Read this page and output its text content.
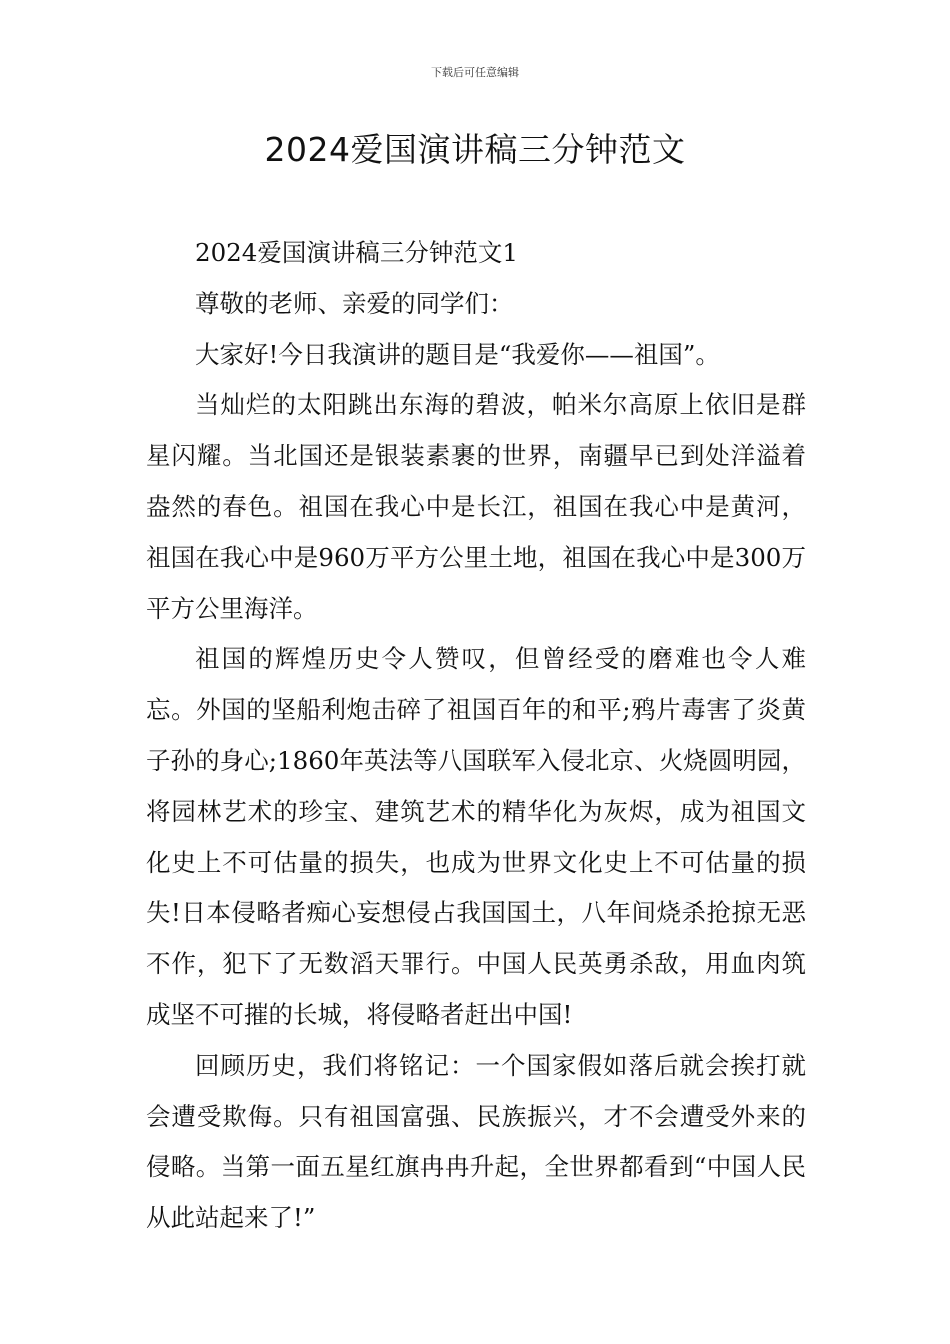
下载后可任意编辑
2024爱国演讲稿三分钟范文

2024爱国演讲稿三分钟范文1

尊敬的老师、亲爱的同学们：

大家好!今日我演讲的题目是“我爱你——祖国”。

当灿烂的太阳跳出东海的碧波，帕米尔高原上依旧是群星闪耀。当北国还是银装素裹的世界，南疆早已到处洋溢着盎然的春色。祖国在我心中是长江，祖国在我心中是黄河，祖国在我心中是960万平方公里土地，祖国在我心中是300万平方公里海洋。

祖国的辉煌历史令人赞叹，但曾经受的磨难也令人难忘。外国的坚船利炮击碎了祖国百年的和平;鸦片毒害了炎黄子孙的身心;1860年英法等八国联军入侵北京、火烧圆明园，将园林艺术的珍宝、建筑艺术的精华化为灰烬，成为祖国文化史上不可估量的损失，也成为世界文化史上不可估量的损失!日本侵略者痴心妄想侵占我国国土，八年间烧杀抢掠无恶不作，犯下了无数滔天罪行。中国人民英勇杀敌，用血肉筑成坚不可摧的长城，将侵略者赶出中国!

回顾历史，我们将铭记：一个国家假如落后就会挨打就会遭受欺侮。只有祖国富强、民族振兴，才不会遭受外来的侵略。当第一面五星红旗冉冉升起，全世界都看到“中国人民从此站起来了!”
